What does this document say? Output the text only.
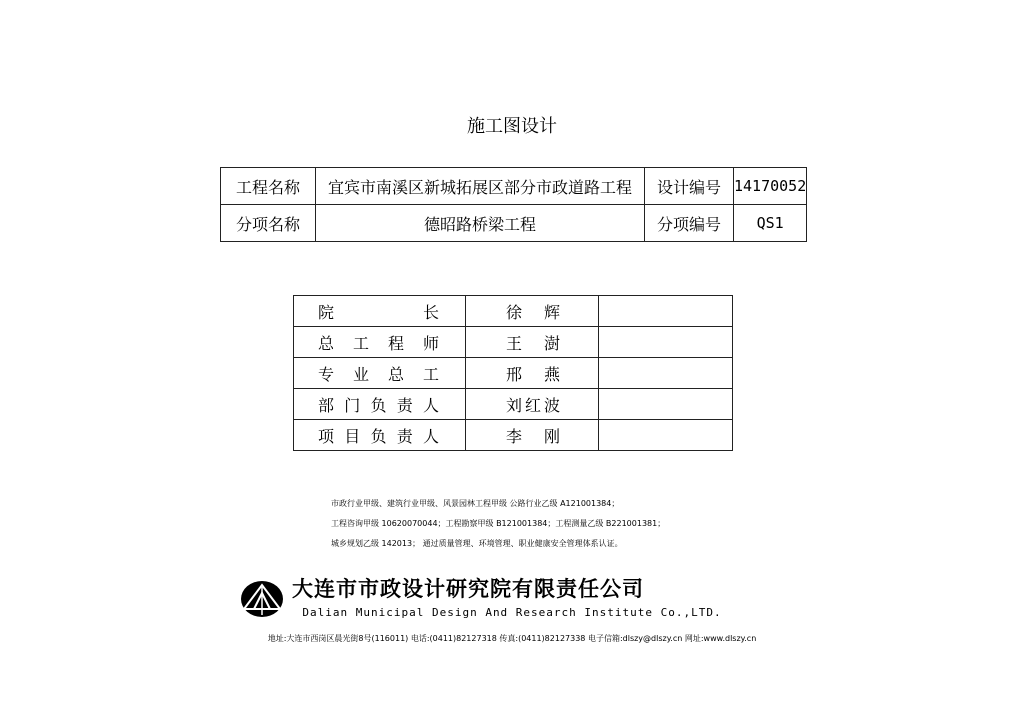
施工图设计
工程名称	宜宾市南溪区新城拓展区部分市政道路工程	设计编号	14170052
分项名称	德昭路桥梁工程	分项编号	QS1
院 长	徐 辉	

总 工 程 师	王 澍	

专 业 总 工	邢 燕	

部 门 负 责 人	刘 红 波	

项 目 负 责 人	李 刚	

市政行业甲级、建筑行业甲级、风景园林工程甲级 公路行业乙级 A121001384；
工程咨询甲级 10620070044；工程勘察甲级 B121001384；工程测量乙级 B221001381；
城乡规划乙级 142013； 通过质量管理、环境管理、职业健康安全管理体系认证。
大连市市政设计研究院有限责任公司
Dalian Municipal Design And Research Institute Co.,LTD.
地址:大连市西岗区晨光街8号(116011) 电话:(0411)82127318 传真:(0411)82127338 电子信箱:dlszy@dlszy.cn 网址:www.dlszy.cn
